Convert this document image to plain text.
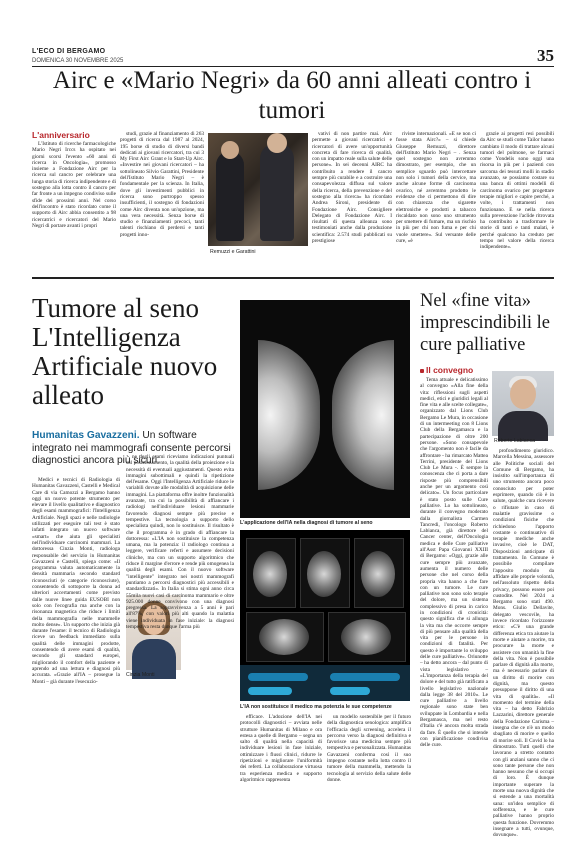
L'ECO DI BERGAMO
DOMENICA 30 NOVEMBRE 2025	35
Airc e «Mario Negri» da 60 anni alleati contro i tumori
L'anniversario

L'Istituto di ricerche farmacologiche Mario Negri Irccs ha ospitato nei giorni scorsi l'evento «60 anni di ricerca in Oncologia», promosso insieme a Fondazione Airc per la ricerca sul cancro per celebrare una lunga storia di ricerca indipendente e di sostegno alla lotta contro il cancro per far fronte a un impegno condiviso sulle sfide dei prossimi anni. Nel corso dell'incontro è stato ricordato come il supporto di Airc abbia consentito a 98 ricercatrici e ricercatori del Mario Negri di portare avanti i propri

studi, grazie al finanziamento di 263 progetti di ricerca dal 1987 al 2024, 195 borse di studio di diversi bandi dedicati ai giovani ricercatori, tra cui 3 My First Airc Grant e lo Start-Up Airc. «Investire nei giovani ricercatori – ha sottolineato Silvio Garattini, Presidente dell'Istituto Mario Negri – è fondamentale per la scienza. In Italia, dove gli investimenti pubblici in ricerca sono purtroppo spesso insufficienti, il sostegno di fondazioni come Airc diventa non un'opzione, ma una vera necessità. Senza borse di studio e finanziamenti precoci, tanti talenti rischiano di perdersi e tanti progetti inno-

Remuzzi e Garattini

vativi di non partire mai. Airc permette a giovani ricercatrici e ricercatori di avere un'opportunità concreta di fare ricerca di qualità, con un impatto reale sulla salute delle persone». In sei decenni AIRC ha contribuito a rendere il cancro sempre più curabile e a costruire una consapevolezza diffusa sul valore della ricerca, della prevenzione e del sostegno alla ricerca» ha ricordato Andrea Sironi, presidente di Fondazione Airc. Consigliere Delegato di Fondazione Airc. I risultati di questa alleanza sono testimoniati anche dalla produzione scientifica: 2.574 studi pubblicati su prestigiose

riviste internazionali. «E se non ci fosse stata Airc?» – si chiede Giuseppe Remuzzi, direttore dell'Istituto Mario Negri – . Senza quel sostegno non avremmo dimostrato, per esempio, che un semplice sguardo può intercettare non solo i tumori della cervice, ma anche alcune forme di carcinoma ovarico, né avremmo prodotto le evidenze che ci permettono di dire con chiarezza che sigarette elettroniche e prodotti a tabacco riscaldato non sono uno strumento per smettere di fumare, ma un rischio in più per chi non fuma e per chi vuole smettere». Sul versante delle cure, «è

grazie ai progetti resi possibili da Airc se studi come Tailor hanno cambiato il modo di trattare alcuni tumori del polmone, se farmaci come Yondelis sono oggi una risorsa in più per i pazienti con sarcoma dei tessuti molli in stadio avanzato, se possiamo costare su una banca di ottimi modelli di carcinoma ovarico per progettare terapie migliori e capire perché, a volte, i trattamenti non funzionano. E se nella ricerca sulla prevenzione l'aclide ritrovata ha contribuito a trasformare le storie di tanti e tanti malati, è perché qualcuno ha creduto per tempo nel valore della ricerca indipendente».

Tumore al seno L'Intelligenza Artificiale nuovo alleato
Humanitas Gavazzeni. Un software integrato nei mammografi consente percorsi diagnostici ancora più sicuri

Medici e tecnici di Radiologia di Humanitas Gavazzeni, Castelli e Medical Care di via Camozzi a Bergamo hanno oggi un nuovo potente strumento per elevare il livello qualitativo e diagnostico degli esami mammografici: l'Intelligenza Artificiale. Negli spazi e nelle radiologie utilizzati per eseguire tali test è stato infatti integrato un nuovo software «smart» che aiuta gli specialisti nell'individuare carcinomi mammari. La dottoressa Cinzia Monti, radiologa responsabile del servizio in Humanitas Gavazzeni e Castelli, spiega come: «Il programma valuta automaticamente la densità mammaria secondo standard riconosciuti (e categorie riconosciute), consentendo di sottoporre la donna ad ulteriori accertamenti come previsto dalle nuove linee guida EUSOBI non solo con l'ecografia ma anche con la risonanza magnetica che riduce i limiti della mammografia nelle mammelle molto dense». Un supporto che inizia già durante l'esame: il tecnico di Radiologia riceve un feedback immediato sulla qualità delle immagini prodotte, consentendo di avere esami di qualità, secondo gli standard europei, migliorando il comfort della paziente e aprendo ad una lettura e diagnosi più accurata. «Grazie all'IA – prosegue la Monti – già durante l'esecuzio-

Cinzia Monti

ne degli esami riceviamo indicazioni puntuali sul posizionamento, la qualità della proiezione e la necessità di eventuali aggiustamenti. Questo evita immagini subottimali e quindi la ripetizione dell'esame. Oggi l'Intelligenza Artificiale riduce le variabili dovute alle modalità di acquisizione delle immagini. La piattaforma offre inoltre funzionalità avanzate, tra cui la possibilità di affiancare i radiologi nell'individuare lesioni mammarie favorendo diagnosi sempre più precise e tempestive. La tecnologia a supporto dello specialista quindi, non lo sostituisce. Il risultato è che il programma è in grado di affiancare la dottoressa: «L'IA non sostituisce la competenza umana, ma la potenzia: il radiologo continua a leggere, verificare referti e assumere decisioni cliniche, ma con un supporto algoritmico che riduce il margine d'errore e rende più omogenea la qualità degli esami. Con il nuovo software "intelligente" integrato nei nostri mammografi puntiamo a percorsi diagnostici più accessibili e standardizzati». In Italia si stima ogni anno circa 55mila nuovi casi di carcinoma mammario e oltre 925.000 donne convivono con una diagnosi pregressa. La sopravvivenza a 5 anni è pari all'87%, con valori più alti quando la malattia viene individuata in fase iniziale: la diagnosi tempestiva resta dunque l'arma più

L'applicazione dell'IA nella diagnosi di tumore al seno
L'IA non sostituisce il medico ma potenzia le sue competenze

efficace. L'adozione dell'IA nei protocolli diagnostici – avviata nelle strutture Humanitas di Milano e ora estesa a quelle di Bergamo – segna un salto di qualità nella capacità di individuare lesioni in fase iniziale, ottimizzare i flussi clinici, ridurre le ripetizioni e migliorare l'uniformità dei referti. La collaborazione virtuosa tra esperienza medica e supporto algoritmico rappresenta

un modello sostenibile per il futuro della diagnostica senologica: amplifica l'efficacia degli screening, accelera il percorso verso la diagnosi definitiva e favorisce una medicina sempre più tempestiva e personalizzata. Humanitas Gavazzeni conferma così il suo impegno costante nella lotta contro il tumore della mammella, mettendo la tecnologia al servizio della salute delle donne.

Nel «fine vita» imprescindibili le cure palliative
Il convegno

Tema attuale e delicatissimo al convegno «Alla fine della vita: riflessioni sugli aspetti medici, etici e giuridici legali al fine vita e alle scelte collegate», organizzato dal Lions Club Bergamo Le Mura, in occasione di un intermeeting con 8 Lions Club della Bergamasca e la partecipazione di oltre 200 persone. «Sono consapevole che l'argomento non è facile da affrontare - ha rimarcato Mattea Terrini, presidente del Lions Club Le Mura -. È sempre la conoscenza che ci porta a dare risposte più comprensibili anche per un argomento così delicato». Un focus particolare è stato posto sulle Cure palliative. Lo ha sottolineato, durante il convegno moderato dalla giornalista Carmen Tancredi, l'oncologo Roberto Labianca, già direttore del Cancer center, dell'Oncologia medica e delle Cure palliative all'Asst Papa Giovanni XXIII di Bergamo: «Oggi, grazie alle cure sempre più avanzate, aumenta il numero delle persone che nel corso della propria vita hanno a che fare con un tumore. Le cure palliative non sono solo terapie del dolore, ma un sistema complessivo di presa in carico in condizioni di cronicità: questo significa che si allunga la vita ma che occorre sempre di più pensare alla qualità della vita per le persone in condizioni di fatalità. Per questo è importante lo sviluppo delle cure palliative». Oriunotte – ha detto ancora – dal punto di vista legislativo – «L'importanza della terapia del dolore e del tutto già ratificato a livello legislativo nazionale dalla legge 38 del 2010». Le cure palliative a livello regionale sono state ben sviluppate in Lombardia e nella Bergamasca, ma nel resto d'Italia c'è ancora molta strada da fare. È quello che si intende con pianificazione condivisa delle cure.

Roberto Labianca

profondimento giuridico. Marcella Messina, assessore alle Politiche sociali del Comune di Bergamo, ha insistito sull'importanza di uno strumento ancora poco conosciuto per poter esprimere, quando ciò è in salute, qualche cura ricevere o rifiutare in caso di malattie gravissime o condizioni fisiche che richiedono l'apporto costante o continuativo di terapie mediche anche invasive, cioè le DAT, Disposizioni anticipate di trattamento. In Comune è possibile compilare l'apposito modulo da affidare alle proprie volontà, nell'assoluto rispetto della privacy, possono essere poi custodite. Nel 2024 a Bergamo sono stati 490. Mons. Giulio Dellavite, delegato vescovile, ha invece ricordato l'orizzonte etico: «C'è una grande differenza etica tra aiutare la morte e aiutare a morire, tra procurare la morte e assistere con umanità la fine della vita. Non è possibile parlare di dignità alla morte, ma è necessario parlare di un diritto di morire con dignità, ma questo presuppone il diritto di una vita di qualità». «Il momento del termine della vita – ha detto Fabrizio Lazzarini, direttore generale della Fondazione Carisma – insegna che ce n'è un modo sbagliato di morire e quello di morire soli. Il Covid lo ha dimostrato. Tutti quelli che lavorano a stretto contatto con gli anziani sanno che ci sono tante persone che non hanno nessuno che si occupi di loro. È dunque importante superare la morte una nuova dignità che si estende a una mortalità sana: un'idea semplice di sofferenza, e le cure palliative hanno proprio questa funzione. Dovremmo insegnare a tutti, ovunque, dovunque».
